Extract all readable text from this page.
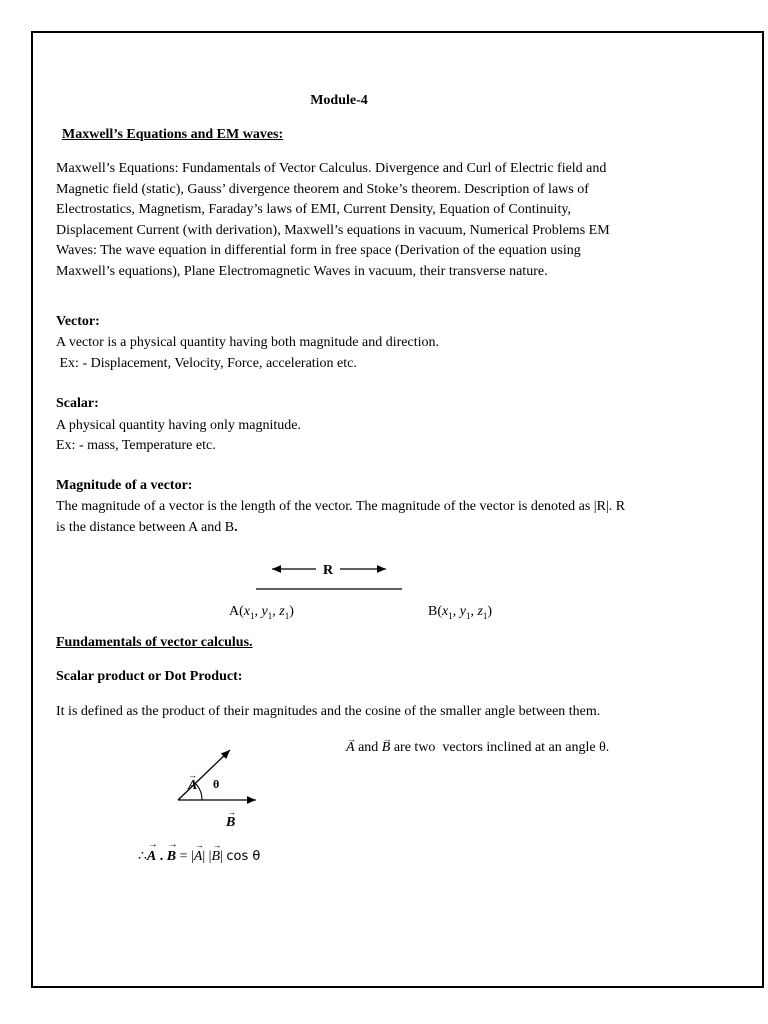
Module-4
Maxwell’s Equations and EM waves:
Maxwell’s Equations: Fundamentals of Vector Calculus. Divergence and Curl of Electric field and
Magnetic field (static), Gauss’ divergence theorem and Stoke’s theorem. Description of laws of
Electrostatics, Magnetism, Faraday’s laws of EMI, Current Density, Equation of Continuity,
Displacement Current (with derivation), Maxwell’s equations in vacuum, Numerical Problems EM
Waves: The wave equation in differential form in free space (Derivation of the equation using
Maxwell’s equations), Plane Electromagnetic Waves in vacuum, their transverse nature.
Vector:
A vector is a physical quantity having both magnitude and direction.
Ex: - Displacement, Velocity, Force, acceleration etc.
Scalar:
A physical quantity having only magnitude.
Ex: - mass, Temperature etc.
Magnitude of a vector:
The magnitude of a vector is the length of the vector. The magnitude of the vector is denoted as |R|. R
is the distance between A and B.
R
$A(x_1$, $y_1$, $z_1$)	$B(x_1$, $y_1$, $z_1$)
Fundamentals of vector calculus.
Scalar product or Dot Product:
It is defined as the product of their magnitudes and the cosine of the smaller angle between them.
→ A and → B are two  vectors inclined at an angle θ.
A
→
θ
B
→
∴→ A . → B = |→ A| |→ B| cos θ
